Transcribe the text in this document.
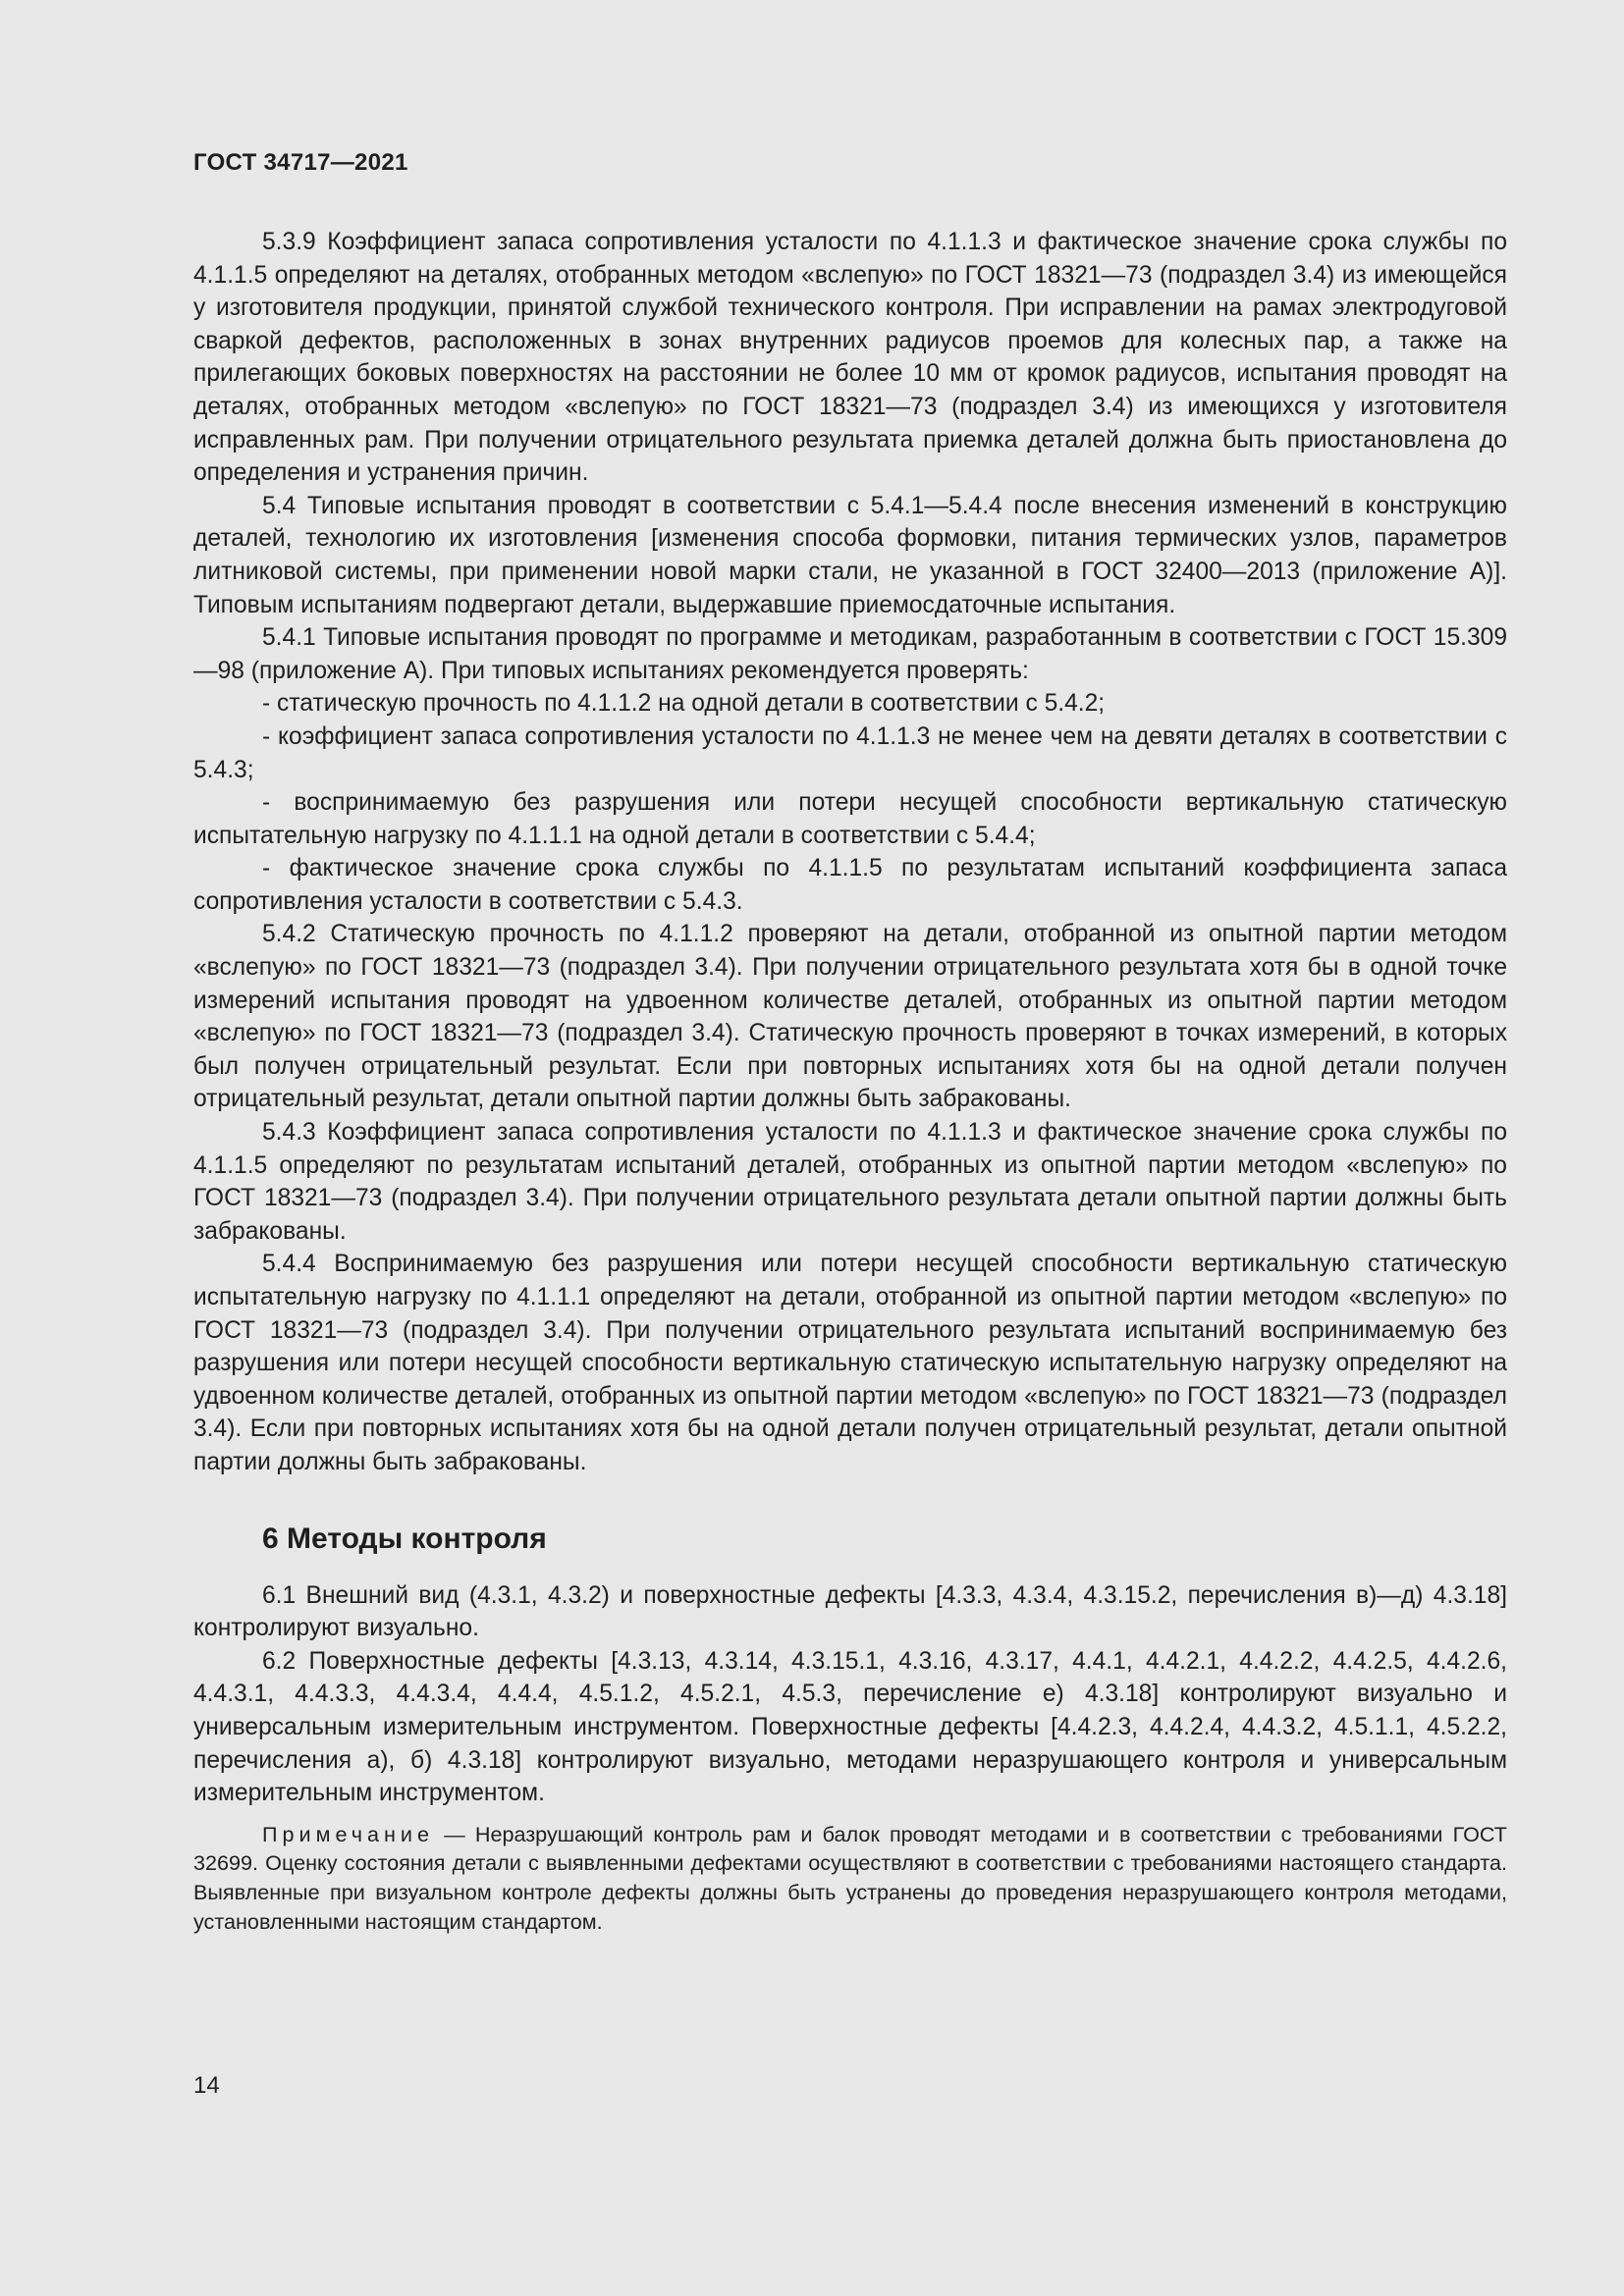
ГОСТ 34717—2021

5.3.9 Коэффициент запаса сопротивления усталости по 4.1.1.3 и фактическое значение срока службы по 4.1.1.5 определяют на деталях, отобранных методом «вслепую» по ГОСТ 18321—73 (подраздел 3.4) из имеющейся у изготовителя продукции, принятой службой технического контроля. При исправлении на рамах электродуговой сваркой дефектов, расположенных в зонах внутренних радиусов проемов для колесных пар, а также на прилегающих боковых поверхностях на расстоянии не более 10 мм от кромок радиусов, испытания проводят на деталях, отобранных методом «вслепую» по ГОСТ 18321—73 (подраздел 3.4) из имеющихся у изготовителя исправленных рам. При получении отрицательного результата приемка деталей должна быть приостановлена до определения и устранения причин.

5.4 Типовые испытания проводят в соответствии с 5.4.1—5.4.4 после внесения изменений в конструкцию деталей, технологию их изготовления [изменения способа формовки, питания термических узлов, параметров литниковой системы, при применении новой марки стали, не указанной в ГОСТ 32400—2013 (приложение А)]. Типовым испытаниям подвергают детали, выдержавшие приемосдаточные испытания.

5.4.1 Типовые испытания проводят по программе и методикам, разработанным в соответствии с ГОСТ 15.309—98 (приложение А). При типовых испытаниях рекомендуется проверять:

- статическую прочность по 4.1.1.2 на одной детали в соответствии с 5.4.2;

- коэффициент запаса сопротивления усталости по 4.1.1.3 не менее чем на девяти деталях в соответствии с 5.4.3;

- воспринимаемую без разрушения или потери несущей способности вертикальную статическую испытательную нагрузку по 4.1.1.1 на одной детали в соответствии с 5.4.4;

- фактическое значение срока службы по 4.1.1.5 по результатам испытаний коэффициента запаса сопротивления усталости в соответствии с 5.4.3.

5.4.2 Статическую прочность по 4.1.1.2 проверяют на детали, отобранной из опытной партии методом «вслепую» по ГОСТ 18321—73 (подраздел 3.4). При получении отрицательного результата хотя бы в одной точке измерений испытания проводят на удвоенном количестве деталей, отобранных из опытной партии методом «вслепую» по ГОСТ 18321—73 (подраздел 3.4). Статическую прочность проверяют в точках измерений, в которых был получен отрицательный результат. Если при повторных испытаниях хотя бы на одной детали получен отрицательный результат, детали опытной партии должны быть забракованы.

5.4.3 Коэффициент запаса сопротивления усталости по 4.1.1.3 и фактическое значение срока службы по 4.1.1.5 определяют по результатам испытаний деталей, отобранных из опытной партии методом «вслепую» по ГОСТ 18321—73 (подраздел 3.4). При получении отрицательного результата детали опытной партии должны быть забракованы.

5.4.4 Воспринимаемую без разрушения или потери несущей способности вертикальную статическую испытательную нагрузку по 4.1.1.1 определяют на детали, отобранной из опытной партии методом «вслепую» по ГОСТ 18321—73 (подраздел 3.4). При получении отрицательного результата испытаний воспринимаемую без разрушения или потери несущей способности вертикальную статическую испытательную нагрузку определяют на удвоенном количестве деталей, отобранных из опытной партии методом «вслепую» по ГОСТ 18321—73 (подраздел 3.4). Если при повторных испытаниях хотя бы на одной детали получен отрицательный результат, детали опытной партии должны быть забракованы.

6 Методы контроля

6.1 Внешний вид (4.3.1, 4.3.2) и поверхностные дефекты [4.3.3, 4.3.4, 4.3.15.2, перечисления в)—д) 4.3.18] контролируют визуально.

6.2 Поверхностные дефекты [4.3.13, 4.3.14, 4.3.15.1, 4.3.16, 4.3.17, 4.4.1, 4.4.2.1, 4.4.2.2, 4.4.2.5, 4.4.2.6, 4.4.3.1, 4.4.3.3, 4.4.3.4, 4.4.4, 4.5.1.2, 4.5.2.1, 4.5.3, перечисление е) 4.3.18] контролируют визуально и универсальным измерительным инструментом. Поверхностные дефекты [4.4.2.3, 4.4.2.4, 4.4.3.2, 4.5.1.1, 4.5.2.2, перечисления а), б) 4.3.18] контролируют визуально, методами неразрушающего контроля и универсальным измерительным инструментом.

Примечание — Неразрушающий контроль рам и балок проводят методами и в соответствии с требованиями ГОСТ 32699. Оценку состояния детали с выявленными дефектами осуществляют в соответствии с требованиями настоящего стандарта. Выявленные при визуальном контроле дефекты должны быть устранены до проведения неразрушающего контроля методами, установленными настоящим стандартом.

14
